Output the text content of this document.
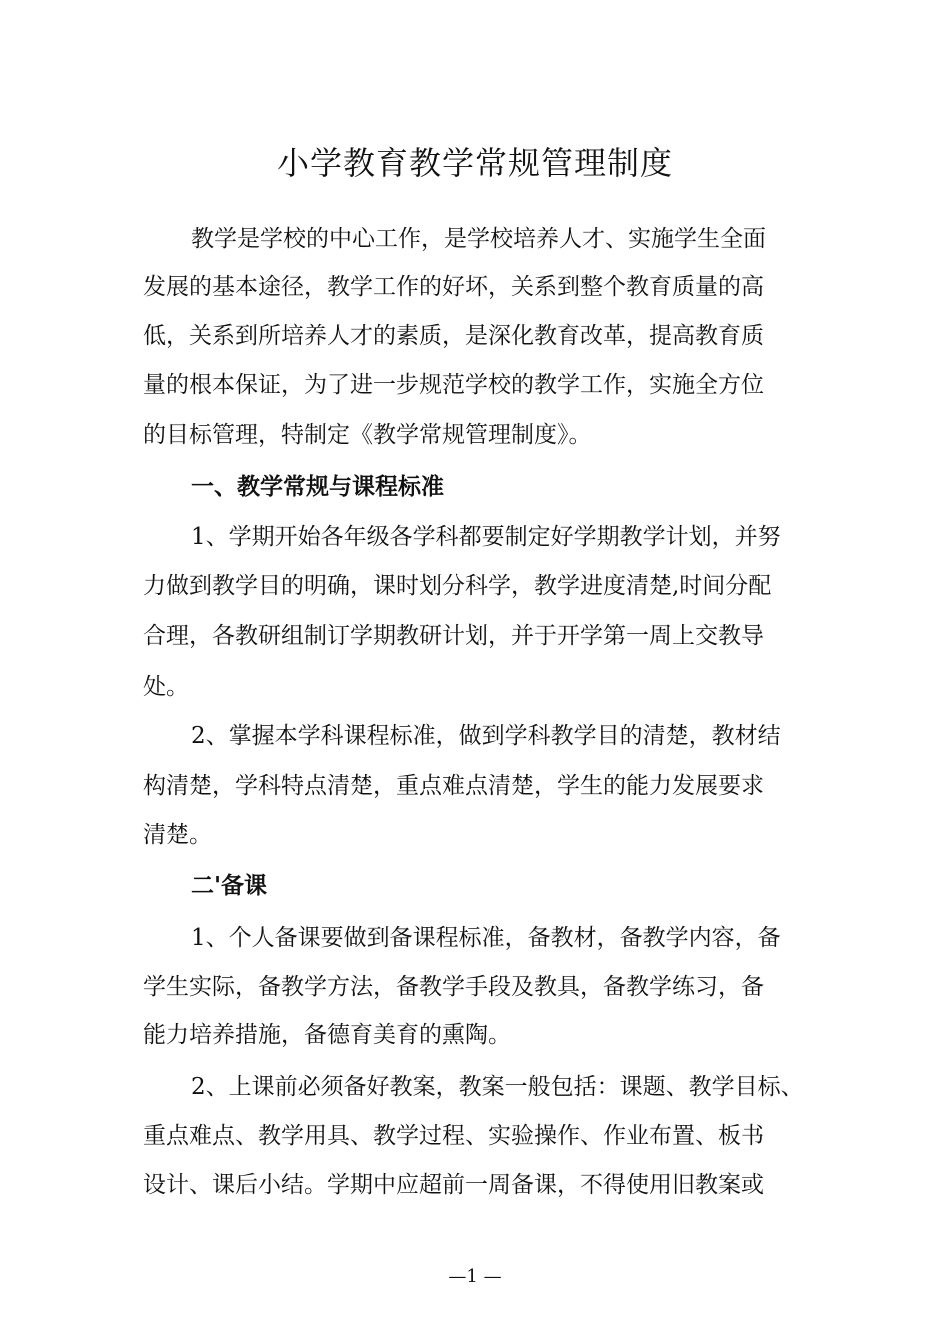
小学教育教学常规管理制度
教学是学校的中心工作，是学校培养人才、实施学生全面
发展的基本途径，教学工作的好坏，关系到整个教育质量的高
低，关系到所培养人才的素质，是深化教育改革，提高教育质
量的根本保证，为了进一步规范学校的教学工作，实施全方位
的目标管理，特制定《教学常规管理制度》。
一、教学常规与课程标准
1、学期开始各年级各学科都要制定好学期教学计划，并努
力做到教学目的明确，课时划分科学，教学进度清楚,时间分配
合理，各教研组制订学期教研计划，并于开学第一周上交教导
处。
2、掌握本学科课程标准，做到学科教学目的清楚，教材结
构清楚，学科特点清楚，重点难点清楚，学生的能力发展要求
清楚。
二'备课
1、个人备课要做到备课程标准，备教材，备教学内容，备
学生实际，备教学方法，备教学手段及教具，备教学练习，备
能力培养措施，备德育美育的熏陶。
2、上课前必须备好教案，教案一般包括：课题、教学目标、
重点难点、教学用具、教学过程、实验操作、作业布置、板书
设计、课后小结。学期中应超前一周备课，不得使用旧教案或
—1 —
